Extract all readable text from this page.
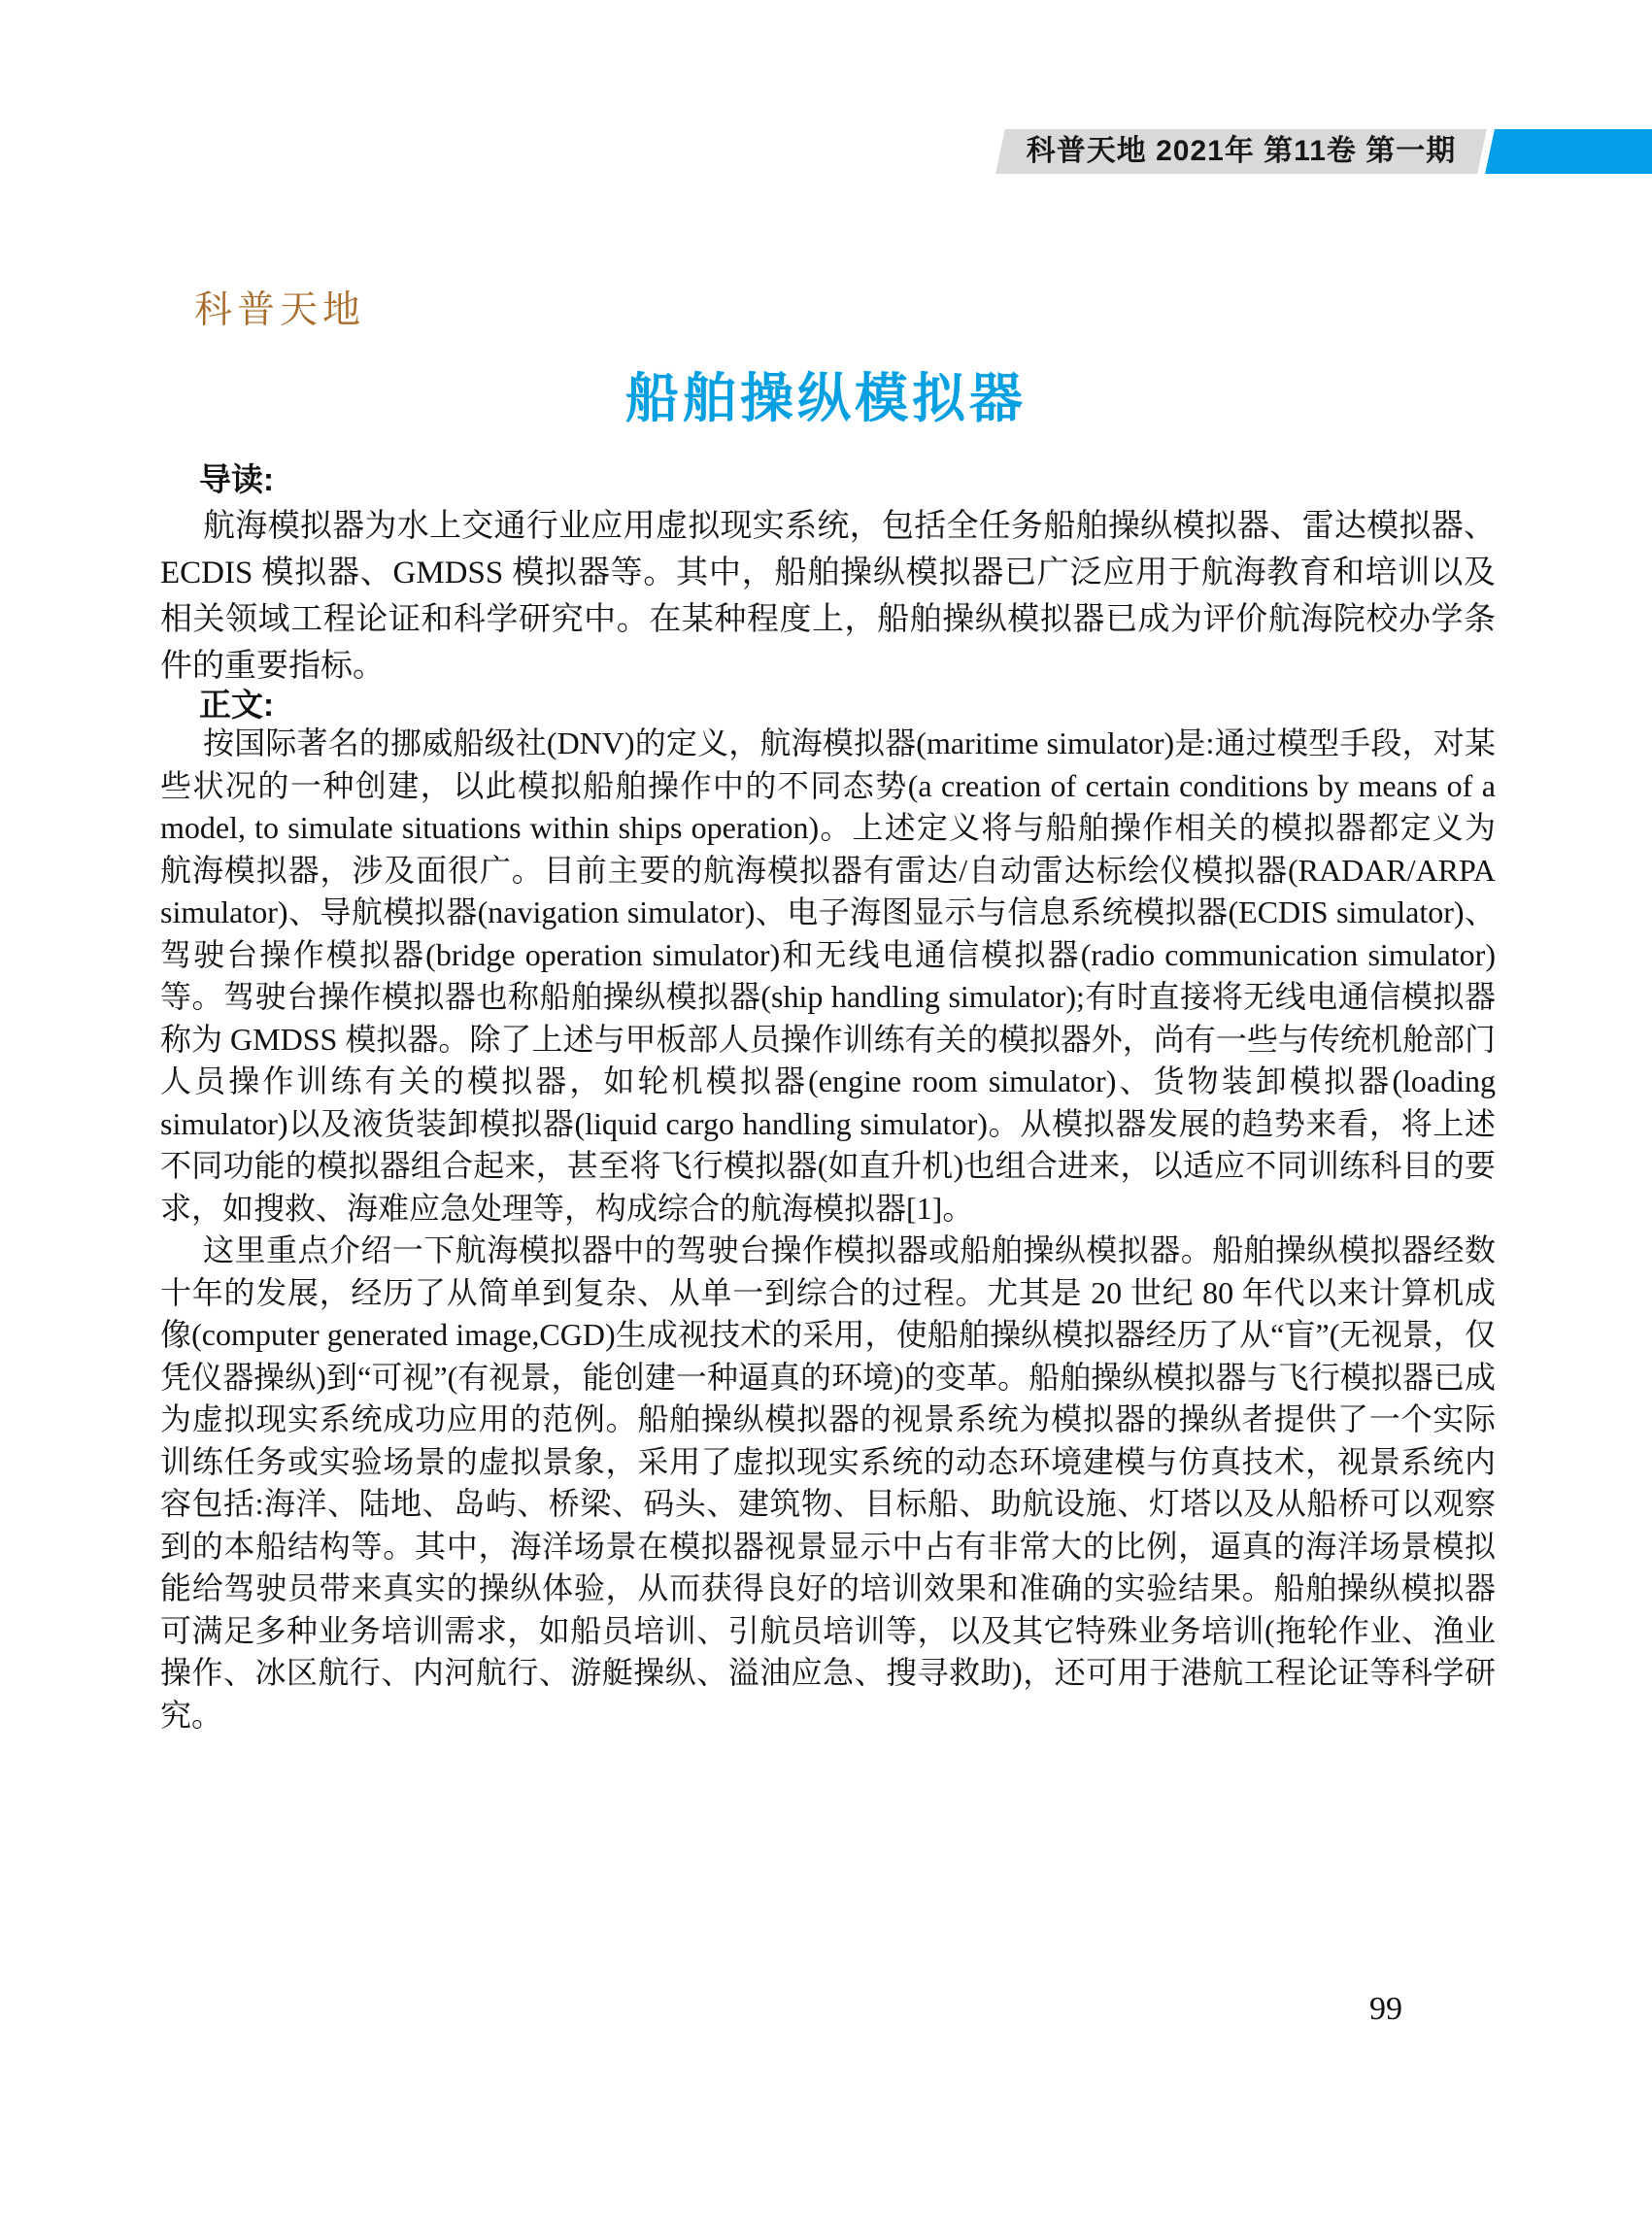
科普天地 2021年 第11卷 第一期
科普天地
船舶操纵模拟器
导读:

航海模拟器为水上交通行业应用虚拟现实系统，包括全任务船舶操纵模拟器、雷达模拟器、ECDIS 模拟器、GMDSS 模拟器等。其中，船舶操纵模拟器已广泛应用于航海教育和培训以及相关领域工程论证和科学研究中。在某种程度上，船舶操纵模拟器已成为评价航海院校办学条件的重要指标。

正文:

按国际著名的挪威船级社(DNV)的定义，航海模拟器(maritime simulator)是:通过模型手段，对某些状况的一种创建，以此模拟船舶操作中的不同态势(a creation of certain conditions by means of a model, to simulate situations within ships operation)。上述定义将与船舶操作相关的模拟器都定义为航海模拟器，涉及面很广。目前主要的航海模拟器有雷达/自动雷达标绘仪模拟器(RADAR/ARPA simulator)、导航模拟器(navigation simulator)、电子海图显示与信息系统模拟器(ECDIS simulator)、驾驶台操作模拟器(bridge operation simulator)和无线电通信模拟器(radio communication simulator)等。驾驶台操作模拟器也称船舶操纵模拟器(ship handling simulator);有时直接将无线电通信模拟器称为 GMDSS 模拟器。除了上述与甲板部人员操作训练有关的模拟器外，尚有一些与传统机舱部门人员操作训练有关的模拟器，如轮机模拟器(engine room simulator)、货物装卸模拟器(loading simulator)以及液货装卸模拟器(liquid cargo handling simulator)。从模拟器发展的趋势来看，将上述不同功能的模拟器组合起来，甚至将飞行模拟器(如直升机)也组合进来，以适应不同训练科目的要求，如搜救、海难应急处理等，构成综合的航海模拟器[1]。

这里重点介绍一下航海模拟器中的驾驶台操作模拟器或船舶操纵模拟器。船舶操纵模拟器经数十年的发展，经历了从简单到复杂、从单一到综合的过程。尤其是 20 世纪 80 年代以来计算机成像(computer generated image,CGD)生成视技术的采用，使船舶操纵模拟器经历了从“盲”(无视景，仅凭仪器操纵)到“可视”(有视景，能创建一种逼真的环境)的变革。船舶操纵模拟器与飞行模拟器已成为虚拟现实系统成功应用的范例。船舶操纵模拟器的视景系统为模拟器的操纵者提供了一个实际训练任务或实验场景的虚拟景象，采用了虚拟现实系统的动态环境建模与仿真技术，视景系统内容包括:海洋、陆地、岛屿、桥梁、码头、建筑物、目标船、助航设施、灯塔以及从船桥可以观察到的本船结构等。其中，海洋场景在模拟器视景显示中占有非常大的比例，逼真的海洋场景模拟能给驾驶员带来真实的操纵体验，从而获得良好的培训效果和准确的实验结果。船舶操纵模拟器可满足多种业务培训需求，如船员培训、引航员培训等，以及其它特殊业务培训(拖轮作业、渔业操作、冰区航行、内河航行、游艇操纵、溢油应急、搜寻救助)，还可用于港航工程论证等科学研究。

99
